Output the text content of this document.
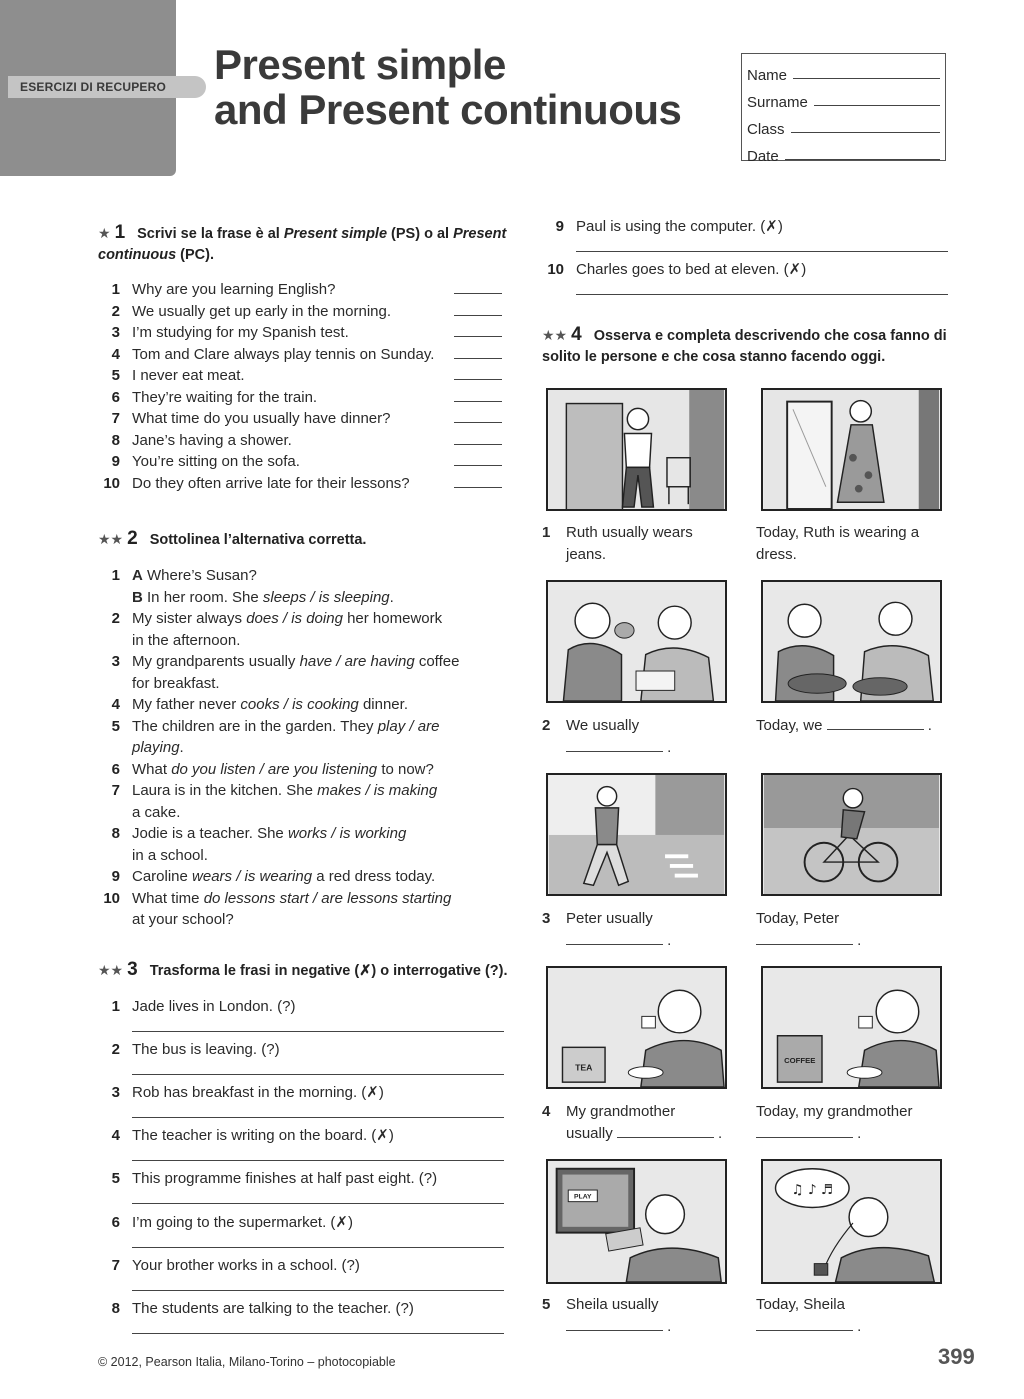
ESERCIZI DI RECUPERO	Present simple
and Present continuous
Name
Surname
Class
Date
★ 1 Scrivi se la frase è al Present simple (PS) o al Present continuous (PC).
1 Why are you learning English?
2 We usually get up early in the morning.
3 I’m studying for my Spanish test.
4 Tom and Clare always play tennis on Sunday.
5 I never eat meat.
6 They’re waiting for the train.
7 What time do you usually have dinner?
8 Jane’s having a shower.
9 You’re sitting on the sofa.
10 Do they often arrive late for their lessons?
★★ 2 Sottolinea l’alternativa corretta.
1 A Where’s Susan?
B In her room. She sleeps / is sleeping.
2 My sister always does / is doing her homework
in the afternoon.
3 My grandparents usually have / are having coffee
for breakfast.
4 My father never cooks / is cooking dinner.
5 The children are in the garden. They play / are
playing.
6 What do you listen / are you listening to now?
7 Laura is in the kitchen. She makes / is making
a cake.
8 Jodie is a teacher. She works / is working
in a school.
9 Caroline wears / is wearing a red dress today.
10 What time do lessons start / are lessons starting
at your school?
★★ 3 Trasforma le frasi in negative (✗) o interrogative (?).
1 Jade lives in London. (?)
2 The bus is leaving. (?)
3 Rob has breakfast in the morning. (✗)
4 The teacher is writing on the board. (✗)
5 This programme finishes at half past eight. (?)
6 I’m going to the supermarket. (✗)
7 Your brother works in a school. (?)
8 The students are talking to the teacher. (?)
9 Paul is using the computer. (✗)
10 Charles goes to bed at eleven. (✗)
★★ 4 Osserva e completa descrivendo che cosa fanno di
solito le persone e che cosa stanno facendo oggi.
TEA
COFFEE
PLAY	♫ ♪ ♬
1 Ruth usually wears
jeans.
Today, Ruth is wearing a
dress.
2 We usually
.
Today, we	.
3 Peter usually
.
Today, Peter
.
4 My grandmother
usually	.
Today, my grandmother
.
5 Sheila usually
.
Today, Sheila
.
© 2012, Pearson Italia, Milano-Torino – photocopiable	399
